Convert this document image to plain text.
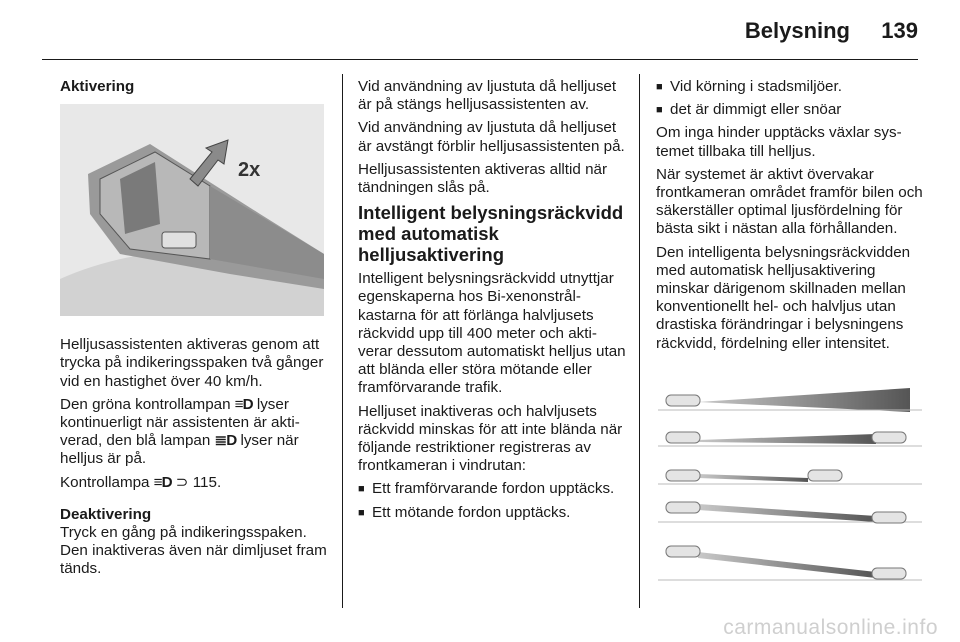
Belysning 139

Aktivering

2x

Helljusassistenten aktiveras genom att trycka på indikeringsspaken två gånger vid en hastighet över 40 km/h.

Den gröna kontrollampan ≡D lyser kontinuerligt när assistenten är aktiverad, den blå lampan ≣D lyser när helljus är på.

Kontrollampa ≡D ⊃ 115.

Deaktivering

Tryck en gång på indikeringsspaken. Den inaktiveras även när dimljuset fram tänds.

Vid användning av ljustuta då helljuset är på stängs helljusassistenten av.

Vid användning av ljustuta då helljuset är avstängt förblir helljusassistenten på.

Helljusassistenten aktiveras alltid när tändningen slås på.

Intelligent belysningsräckvidd med automatisk helljusaktivering

Intelligent belysningsräckvidd utnyttjar egenskaperna hos Bi-xenonstrålkastarna för att förlänga halvljusets räckvidd upp till 400 meter och aktiverar dessutom automatiskt helljus utan att blända eller störa mötande eller framförvarande trafik.

Helljuset inaktiveras och halvljusets räckvidd minskas för att inte blända när följande restriktioner registreras av frontkameran i vindrutan:

■ Ett framförvarande fordon upptäcks.
■ Ett mötande fordon upptäcks.
■ Vid körning i stadsmiljöer.
■ det är dimmigt eller snöar

Om inga hinder upptäcks växlar systemet tillbaka till helljus.

När systemet är aktivt övervakar frontkameran området framför bilen och säkerställer optimal ljusfördelning för bästa sikt i nästan alla förhållanden.

Den intelligenta belysningsräckvidden med automatisk helljusaktivering minskar därigenom skillnaden mellan konventionellt hel- och halvljus utan drastiska förändringar i belysningens räckvidd, fördelning eller intensitet.

carmanualsonline.info
